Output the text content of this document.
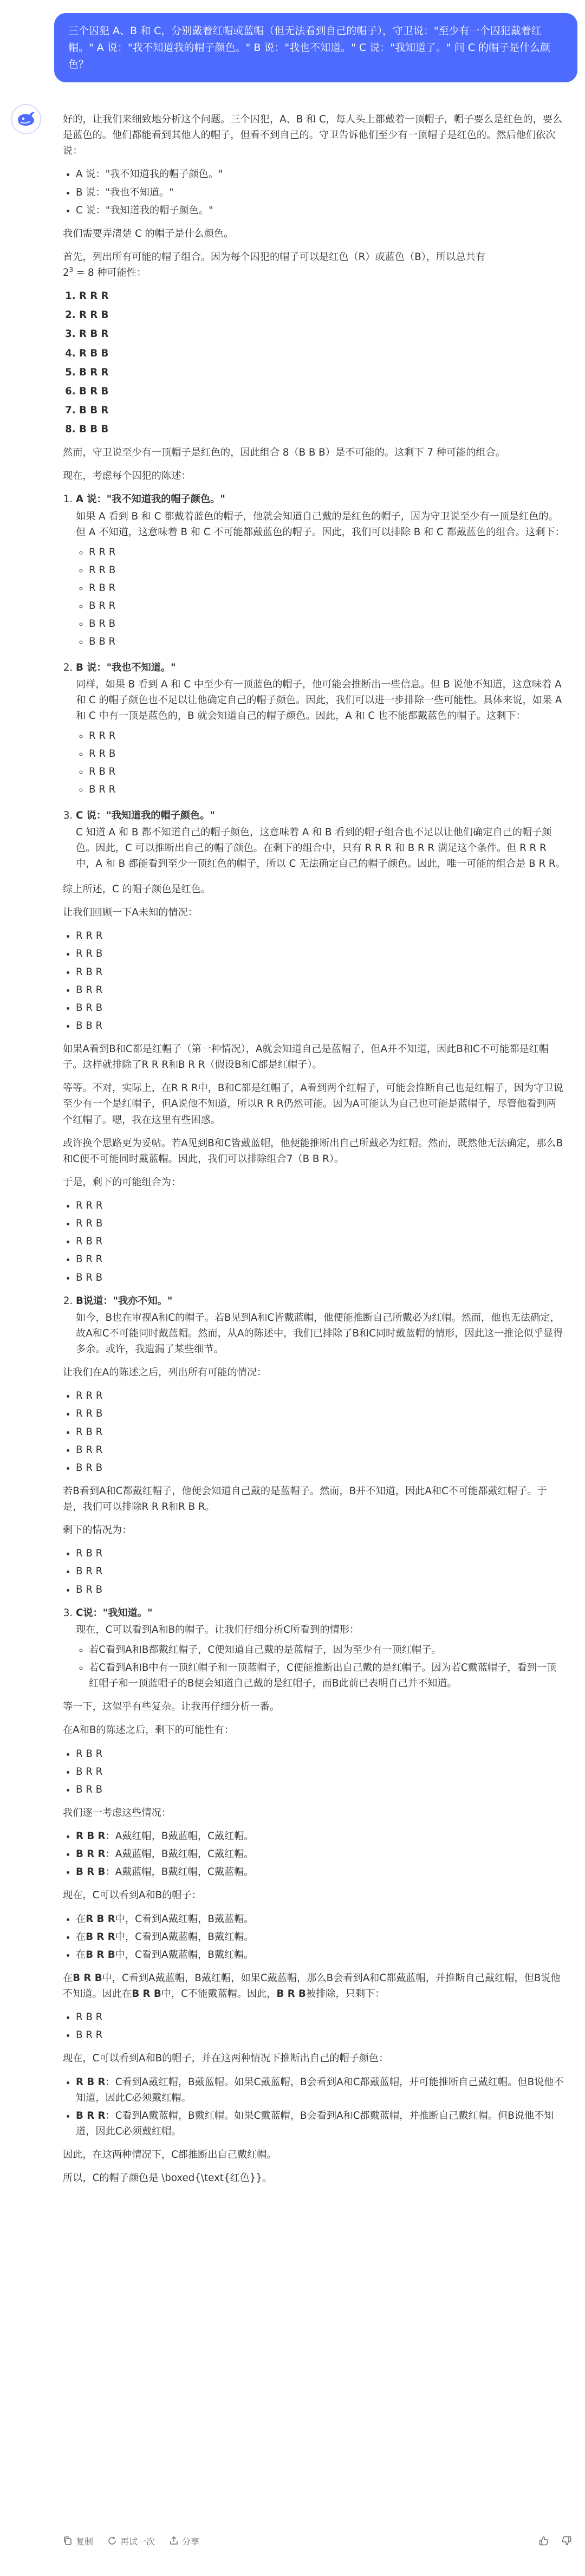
三个囚犯 A、B 和 C，分别戴着红帽或蓝帽（但无法看到自己的帽子），守卫说："至少有一个囚犯戴着红帽。" A 说："我不知道我的帽子颜色。" B 说："我也不知道。" C 说："我知道了。" 问 C 的帽子是什么颜色？

好的，让我们来细致地分析这个问题。三个囚犯，A、B 和 C，每人头上都戴着一顶帽子，帽子要么是红色的，要么是蓝色的。他们都能看到其他人的帽子，但看不到自己的。守卫告诉他们至少有一顶帽子是红色的。然后他们依次说：

• A 说："我不知道我的帽子颜色。"
• B 说："我也不知道。"
• C 说："我知道我的帽子颜色。"

我们需要弄清楚 C 的帽子是什么颜色。

首先，列出所有可能的帽子组合。因为每个囚犯的帽子可以是红色（R）或蓝色（B），所以总共有
$2^3 = 8$ 种可能性：

1. R R R
2. R R B
3. R B R
4. R B B
5. B R R
6. B R B
7. B B R
8. B B B

然而，守卫说至少有一顶帽子是红色的，因此组合 8（B B B）是不可能的。这剩下 7 种可能的组合。

现在，考虑每个囚犯的陈述：

1. A 说："我不知道我的帽子颜色。"
如果 A 看到 B 和 C 都戴着蓝色的帽子，他就会知道自己戴的是红色的帽子，因为守卫说至少有一顶是红色的。但 A 不知道，这意味着 B 和 C 不可能都戴蓝色的帽子。因此，我们可以排除 B 和 C 都戴蓝色的组合。这剩下：
◦ R R R
◦ R R B
◦ R B R
◦ B R R
◦ B R B
◦ B B R
2. B 说："我也不知道。"
同样，如果 B 看到 A 和 C 中至少有一顶蓝色的帽子，他可能会推断出一些信息。但 B 说他不知道，这意味着 A 和 C 的帽子颜色也不足以让他确定自己的帽子颜色。因此，我们可以进一步排除一些可能性。具体来说，如果 A 和 C 中有一顶是蓝色的，B 就会知道自己的帽子颜色。因此，A 和 C 也不能都戴蓝色的帽子。这剩下：
◦ R R R
◦ R R B
◦ R B R
◦ B R R
3. C 说："我知道我的帽子颜色。"
C 知道 A 和 B 都不知道自己的帽子颜色，这意味着 A 和 B 看到的帽子组合也不足以让他们确定自己的帽子颜色。因此，C 可以推断出自己的帽子颜色。在剩下的组合中，只有 R R R 和 B R R 满足这个条件。但 R R R 中，A 和 B 都能看到至少一顶红色的帽子，所以 C 无法确定自己的帽子颜色。因此，唯一可能的组合是 B R R。

综上所述，C 的帽子颜色是红色。

让我们回顾一下A未知的情况：

• R R R
• R R B
• R B R
• B R R
• B R B
• B B R

如果A看到B和C都是红帽子（第一种情况），A就会知道自己是蓝帽子，但A并不知道，因此B和C不可能都是红帽子。这样就排除了R R R和B R R（假设B和C都是红帽子）。

等等。不对，实际上，在R R R中，B和C都是红帽子，A看到两个红帽子，可能会推断自己也是红帽子，因为守卫说至少有一个是红帽子，但A说他不知道，所以R R R仍然可能。因为A可能认为自己也可能是蓝帽子，尽管他看到两个红帽子。嗯，我在这里有些困惑。

或许换个思路更为妥帖。若A见到B和C皆戴蓝帽，他便能推断出自己所戴必为红帽。然而，既然他无法确定，那么B和C便不可能同时戴蓝帽。因此，我们可以排除组合7（B B R）。

于是，剩下的可能组合为：

• R R R
• R R B
• R B R
• B R R
• B R B
2. B说道："我亦不知。"
如今，B也在审视A和C的帽子。若B见到A和C皆戴蓝帽，他便能推断自己所戴必为红帽。然而，他也无法确定，故A和C不可能同时戴蓝帽。然而，从A的陈述中，我们已排除了B和C同时戴蓝帽的情形，因此这一推论似乎显得多余。或许，我遗漏了某些细节。

让我们在A的陈述之后，列出所有可能的情况：

• R R R
• R R B
• R B R
• B R R
• B R B

若B看到A和C都戴红帽子，他便会知道自己戴的是蓝帽子。然而，B并不知道，因此A和C不可能都戴红帽子。于是，我们可以排除R R R和R B R。

剩下的情况为：

• R B R
• B R R
• B R B
3. C说："我知道。"
现在，C可以看到A和B的帽子。让我们仔细分析C所看到的情形：
◦ 若C看到A和B都戴红帽子，C便知道自己戴的是蓝帽子，因为至少有一顶红帽子。
◦ 若C看到A和B中有一顶红帽子和一顶蓝帽子，C便能推断出自己戴的是红帽子。因为若C戴蓝帽子，看到一顶红帽子和一顶蓝帽子的B便会知道自己戴的是红帽子，而B此前已表明自己并不知道。

等一下，这似乎有些复杂。让我再仔细分析一番。

在A和B的陈述之后，剩下的可能性有：

• R B R
• B R R
• B R B

我们逐一考虑这些情况：

• R B R：A戴红帽，B戴蓝帽，C戴红帽。
• B R R：A戴蓝帽，B戴红帽，C戴红帽。
• B R B：A戴蓝帽，B戴红帽，C戴蓝帽。

现在，C可以看到A和B的帽子：

• 在R B R中，C看到A戴红帽，B戴蓝帽。
• 在B R R中，C看到A戴蓝帽，B戴红帽。
• 在B R B中，C看到A戴蓝帽，B戴红帽。

在B R B中，C看到A戴蓝帽，B戴红帽，如果C戴蓝帽，那么B会看到A和C都戴蓝帽，并推断自己戴红帽，但B说他不知道。因此在B R B中，C不能戴蓝帽。因此，B R B被排除，只剩下：

• R B R
• B R R

现在，C可以看到A和B的帽子，并在这两种情况下推断出自己的帽子颜色：

• R B R：C看到A戴红帽，B戴蓝帽。如果C戴蓝帽，B会看到A和C都戴蓝帽，并可能推断自己戴红帽。但B说他不知道，因此C必须戴红帽。
• B R R：C看到A戴蓝帽，B戴红帽。如果C戴蓝帽，B会看到A和C都戴蓝帽，并推断自己戴红帽。但B说他不知道，因此C必须戴红帽。

因此，在这两种情况下，C都推断出自己戴红帽。

所以，C的帽子颜色是 \boxed{\text{红色}}。

复制	再试一次	分享
